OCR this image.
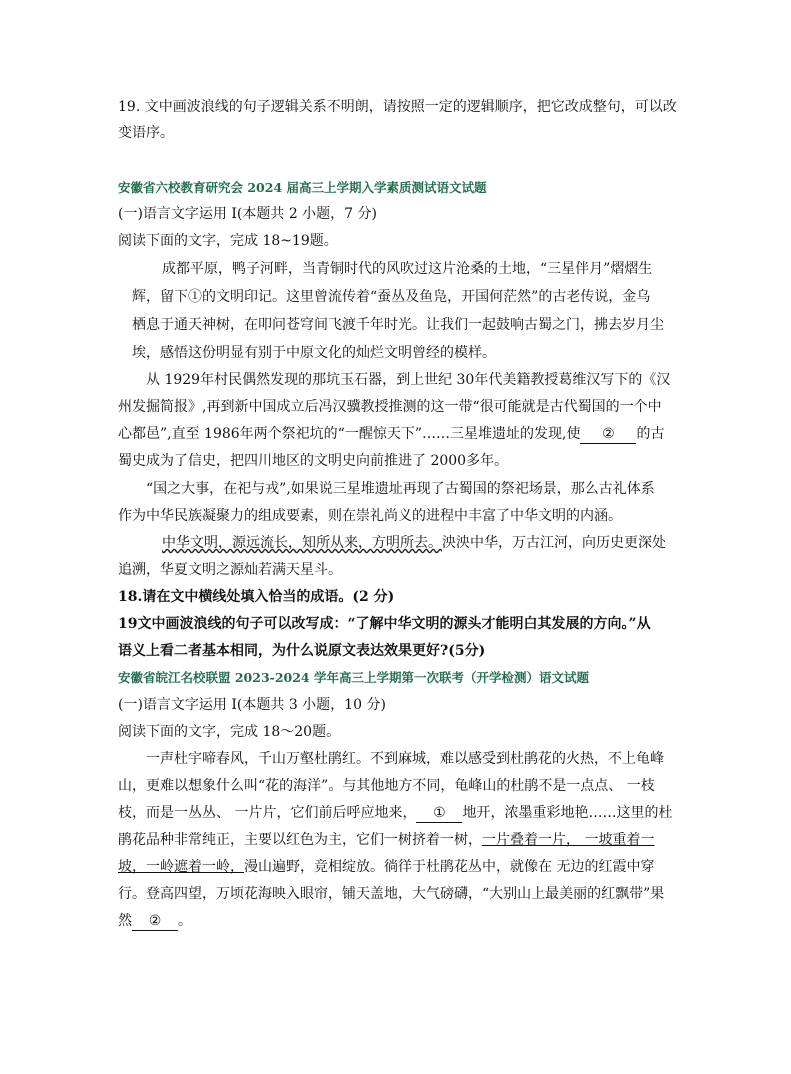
19. 文中画波浪线的句子逻辑关系不明朗，请按照一定的逻辑顺序，把它改成整句，可以改
变语序。
安徽省六校教育研究会 2024 届高三上学期入学素质测试语文试题
(一)语言文字运用 I(本题共 2 小题，7 分)
阅读下面的文字，完成 18~19题。
成都平原，鸭子河畔，当青铜时代的风吹过这片沧桑的土地，“三星伴月”熠熠生
辉，留下①的文明印记。这里曾流传着“蚕丛及鱼凫，开国何茫然”的古老传说，金乌
栖息于通天神树，在叩问苍穹间飞渡千年时光。让我们一起鼓响古蜀之门，拂去岁月尘
埃，感悟这份明显有别于中原文化的灿烂文明曾经的模样。
从 1929年村民偶然发现的那坑玉石器，到上世纪 30年代美籍教授葛维汉写下的《汉
州发掘简报》,再到新中国成立后冯汉骥教授推测的这一带“很可能就是古代蜀国的一个中
心都邑”,直至 1986年两个祭祀坑的“一醒惊天下”……三星堆遗址的发现,使 ② 的古
蜀史成为了信史，把四川地区的文明史向前推进了 2000多年。
“国之大事，在祀与戎”,如果说三星堆遗址再现了古蜀国的祭祀场景，那么古礼体系
作为中华民族凝聚力的组成要素，则在崇礼尚义的进程中丰富了中华文明的内涵。
中华文明，源远流长，知所从来，方明所去。泱泱中华，万古江河，向历史更深处
追溯，华夏文明之源灿若满天星斗。
18.请在文中横线处填入恰当的成语。(2 分)
19文中画波浪线的句子可以改写成：“了解中华文明的源头才能明白其发展的方向。”从
语义上看二者基本相同，为什么说原文表达效果更好?(5分)
安徽省皖江名校联盟 2023-2024 学年高三上学期第一次联考（开学检测）语文试题
(一)语言文字运用 I(本题共 3 小题，10 分)
阅读下面的文字，完成 18～20题。
一声杜宇啼春风，千山万壑杜鹃红。不到麻城，难以感受到杜鹃花的火热，不上龟峰
山，更难以想象什么叫“花的海洋”。与其他地方不同，龟峰山的杜鹃不是一点点、 一枝
枝，而是一丛丛、 一片片，它们前后呼应地来， ① 地开，浓墨重彩地艳……这里的杜
鹃花品种非常纯正，主要以红色为主，它们一树挤着一树，一片叠着一片， 一坡重着一
坡，一岭遮着一岭，漫山遍野，竞相绽放。徜徉于杜鹃花丛中，就像在 无边的红霞中穿
行。登高四望，万顷花海映入眼帘，铺天盖地，大气磅礴，“大别山上最美丽的红飘带”果
然 ② 。
